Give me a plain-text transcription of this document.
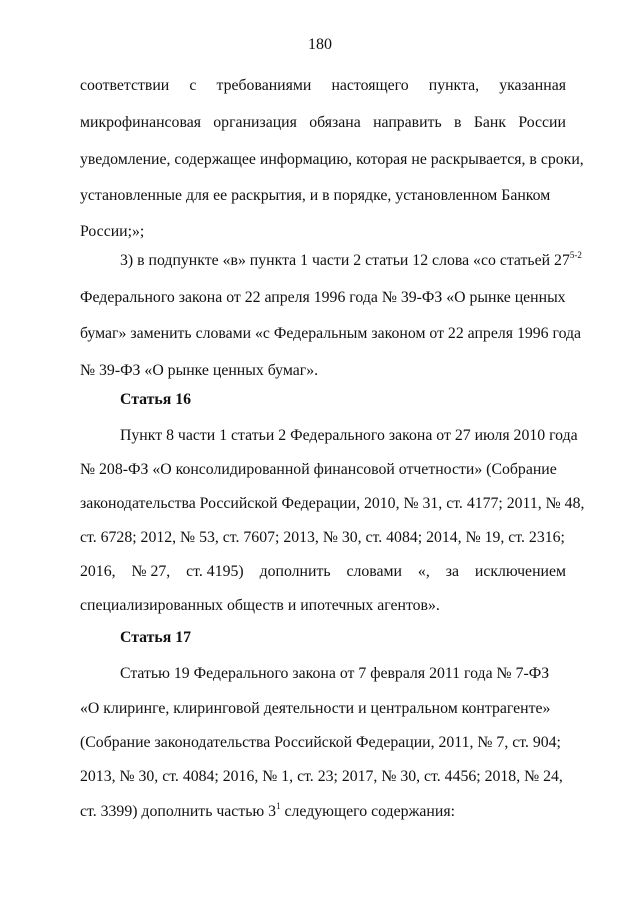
180
соответствии с требованиями настоящего пункта, указанная
микрофинансовая организация обязана направить в Банк России
уведомление, содержащее информацию, которая не раскрывается, в сроки,
установленные для ее раскрытия, и в порядке, установленном Банком
России;»;
3) в подпункте «в» пункта 1 части 2 статьи 12 слова «со статьей 27$^{5-2}$
Федерального закона от 22 апреля 1996 года № 39-ФЗ «О рынке ценных
бумаг» заменить словами «с Федеральным законом от 22 апреля 1996 года
№ 39-ФЗ «О рынке ценных бумаг».
Статья 16
Пункт 8 части 1 статьи 2 Федерального закона от 27 июля 2010 года
№ 208-ФЗ «О консолидированной финансовой отчетности» (Собрание
законодательства Российской Федерации, 2010, № 31, ст. 4177; 2011, № 48,
ст. 6728; 2012, № 53, ст. 7607; 2013, № 30, ст. 4084; 2014, № 19, ст. 2316;
2016, № 27, ст. 4195) дополнить словами «, за исключением
специализированных обществ и ипотечных агентов».
Статья 17
Статью 19 Федерального закона от 7 февраля 2011 года № 7-ФЗ
«О клиринге, клиринговой деятельности и центральном контрагенте»
(Собрание законодательства Российской Федерации, 2011, № 7, ст. 904;
2013, № 30, ст. 4084; 2016, № 1, ст. 23; 2017, № 30, ст. 4456; 2018, № 24,
ст. 3399) дополнить частью $3^1$ следующего содержания:
